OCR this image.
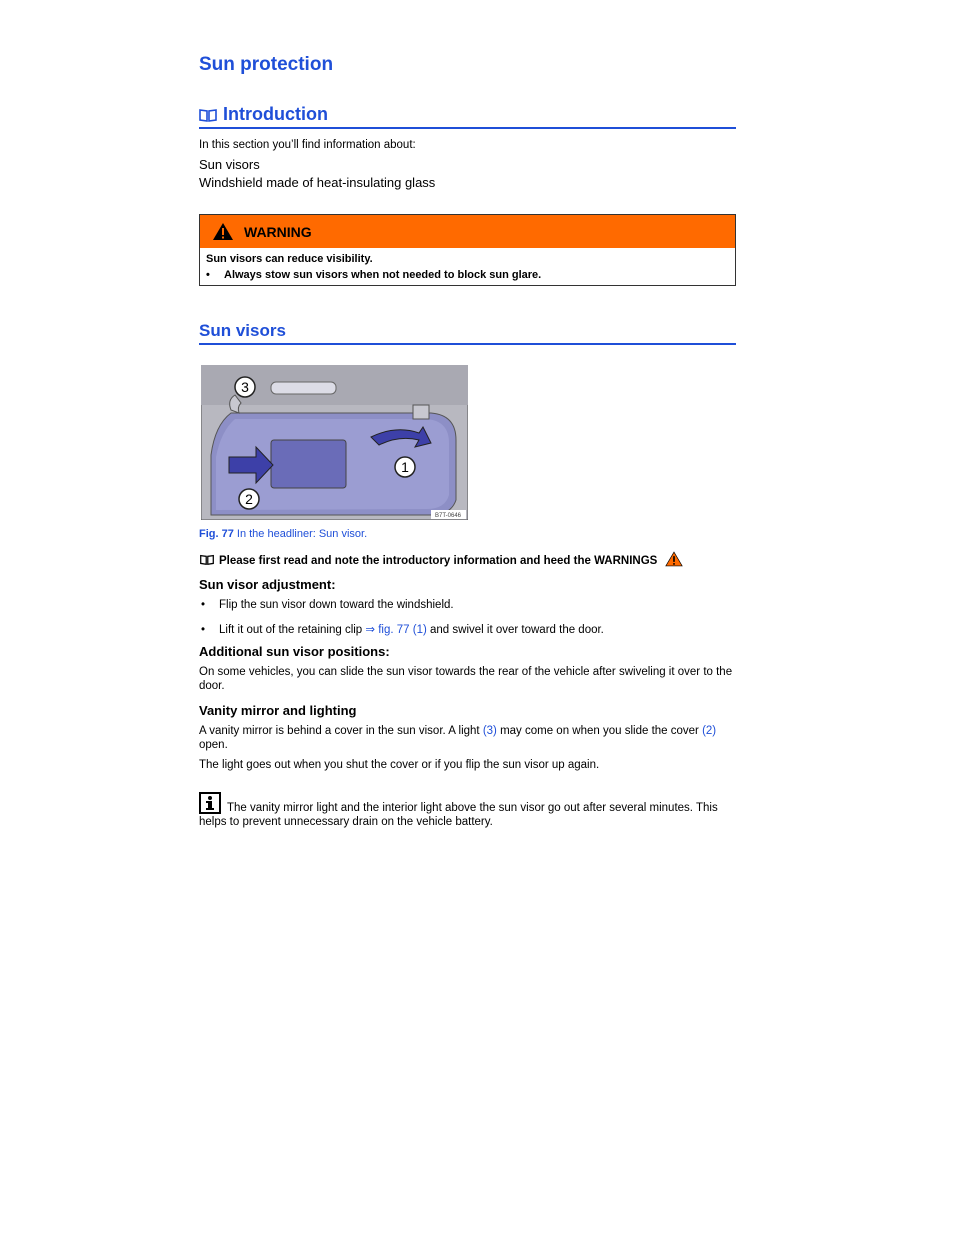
Sun protection
Introduction
In this section you’ll find information about:
Sun visors
Windshield made of heat-insulating glass
WARNING
Sun visors can reduce visibility.
• Always stow sun visors when not needed to block sun glare.
Sun visors
3
1
2
B7T-0646
Fig. 77 In the headliner: Sun visor.
Please first read and note the introductory information and heed the WARNINGS
Sun visor adjustment:
• Flip the sun visor down toward the windshield.
• Lift it out of the retaining clip ⇒ fig. 77 (1) and swivel it over toward the door.
Additional sun visor positions:
On some vehicles, you can slide the sun visor towards the rear of the vehicle after swiveling it over to the door.
Vanity mirror and lighting
A vanity mirror is behind a cover in the sun visor. A light (3) may come on when you slide the cover (2) open.
The light goes out when you shut the cover or if you flip the sun visor up again.
The vanity mirror light and the interior light above the sun visor go out after several minutes. This helps to prevent unnecessary drain on the vehicle battery.
